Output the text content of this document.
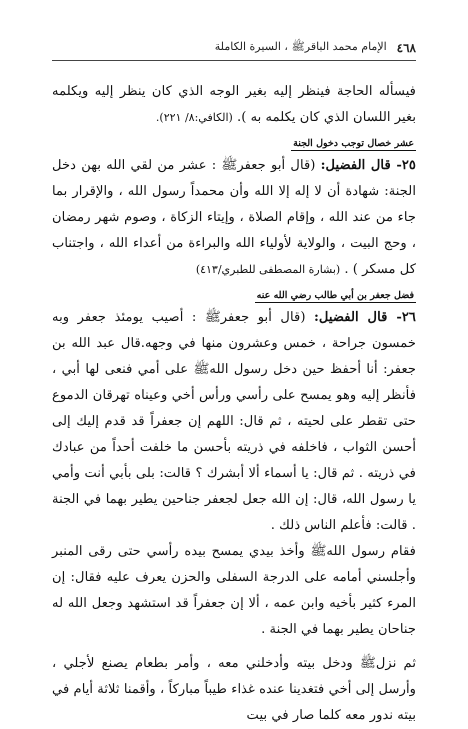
٤٦٨
الإمام محمد الباقرﷺ ، السيرة الكاملة

فيسأله الحاجة فينظر إليه بغير الوجه الذي كان ينظر إليه ويكلمه بغير اللسان الذي كان يكلمه به ). (الكافي:٨/ ٢٢١).

عشر خصال توجب دخول الجنة

٢٥- قال الفضيل: (قال أبو جعفرﷺ : عشر من لقي الله بهن دخل الجنة: شهادة أن لا إله إلا الله وأن محمداً رسول الله ، والإقرار بما جاء من عند الله ، وإقام الصلاة ، وإيتاء الزكاة ، وصوم شهر رمضان ، وحج البيت ، والولاية لأولياء الله والبراءة من أعداء الله ، واجتناب كل مسكر ) . (بشارة المصطفى للطبري/٤١٣)

فضل جعفر بن أبي طالب رضي الله عنه

٢٦- قال الفضيل: (قال أبو جعفرﷺ : أصيب يومئذ جعفر وبه خمسون جراحة ، خمس وعشرون منها في وجهه.قال عبد الله بن جعفر: أنا أحفظ حين دخل رسول اللهﷺ على أمي فنعى لها أبي ، فأنظر إليه وهو يمسح على رأسي ورأس أخي وعيناه تهرقان الدموع حتى تقطر على لحيته ، ثم قال: اللهم إن جعفراً قد قدم إليك إلى أحسن الثواب ، فاخلفه في ذريته بأحسن ما خلفت أحداً من عبادك في ذريته . ثم قال: يا أسماء ألا أبشرك ؟ قالت: بلى بأبي أنت وأمي يا رسول الله، قال: إن الله جعل لجعفر جناحين يطير بهما في الجنة . قالت: فأعلم الناس ذلك .

فقام رسول اللهﷺ وأخذ بيدي يمسح بيده رأسي حتى رقى المنبر وأجلسني أمامه على الدرجة السفلى والحزن يعرف عليه فقال: إن المرء كثير بأخيه وابن عمه ، ألا إن جعفراً قد استشهد وجعل الله له جناحان يطير بهما في الجنة .

ثم نزلﷺ ودخل بيته وأدخلني معه ، وأمر بطعام يصنع لأجلي ، وأرسل إلى أخي فتغدينا عنده غذاء طيباً مباركاً ، وأقمنا ثلاثة أيام في بيته ندور معه كلما صار في بيت
